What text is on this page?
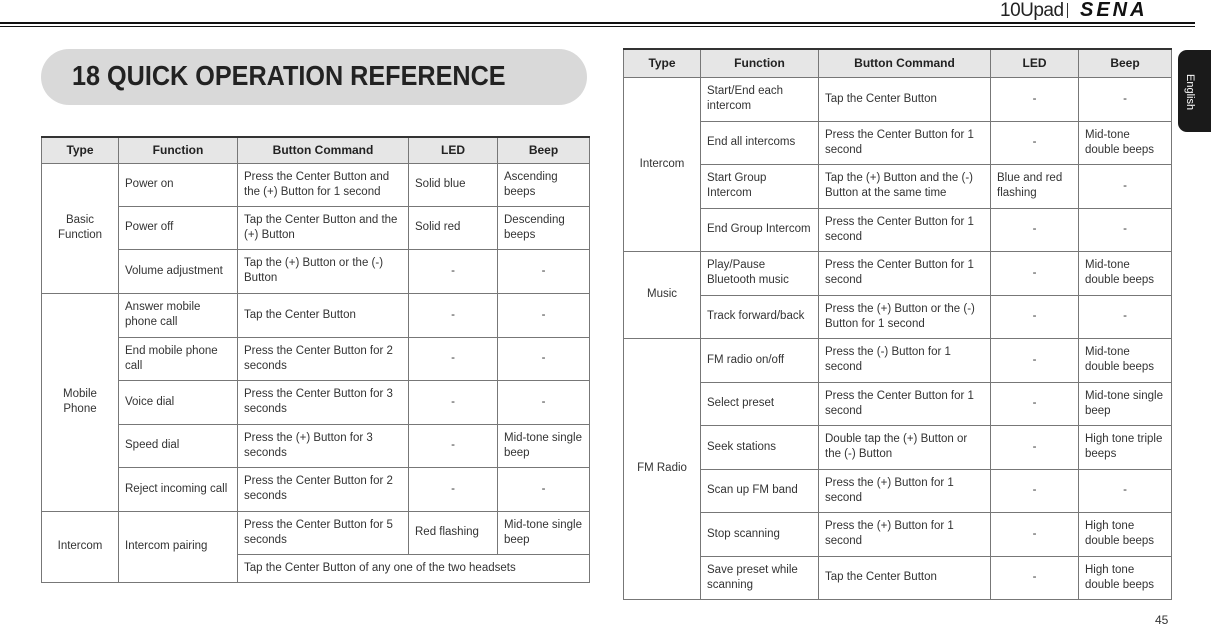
10Upad SENA
English
18 QUICK OPERATION REFERENCE
Type	Function	Button Command	LED	Beep
Basic Function	Power on	Press the Center Button and the (+) Button for 1 second	Solid blue	Ascending beeps
	Power off	Tap the Center Button and the (+) Button	Solid red	Descending beeps
	Volume adjustment	Tap the (+) Button or the (-) Button	-	-
Mobile Phone	Answer mobile phone call	Tap the Center Button	-	-
	End mobile phone call	Press the Center Button for 2 seconds	-	-
	Voice dial	Press the Center Button for 3 seconds	-	-
	Speed dial	Press the (+) Button for 3 seconds	-	Mid-tone single beep
	Reject incoming call	Press the Center Button for 2 seconds	-	-
Intercom	Intercom pairing	Press the Center Button for 5 seconds	Red flashing	Mid-tone single beep
		Tap the Center Button of any one of the two headsets		
Type	Function	Button Command	LED	Beep
Intercom	Start/End each intercom	Tap the Center Button	-	-
	End all intercoms	Press the Center Button for 1 second	-	Mid-tone double beeps
	Start Group Intercom	Tap the (+) Button and the (-) Button at the same time	Blue and red flashing	-
	End Group Intercom	Press the Center Button for 1 second	-	-
Music	Play/Pause Bluetooth music	Press the Center Button for 1 second	-	Mid-tone double beeps
	Track forward/back	Press the (+) Button or the (-) Button for 1 second	-	-
FM Radio	FM radio on/off	Press the (-) Button for 1 second	-	Mid-tone double beeps
	Select preset	Press the Center Button for 1 second	-	Mid-tone single beep
	Seek stations	Double tap the (+) Button or the (-) Button	-	High tone triple beeps
	Scan up FM band	Press the (+) Button for 1 second	-	-
	Stop scanning	Press the (+) Button for 1 second	-	High tone double beeps
	Save preset while scanning	Tap the Center Button	-	High tone double beeps
45
